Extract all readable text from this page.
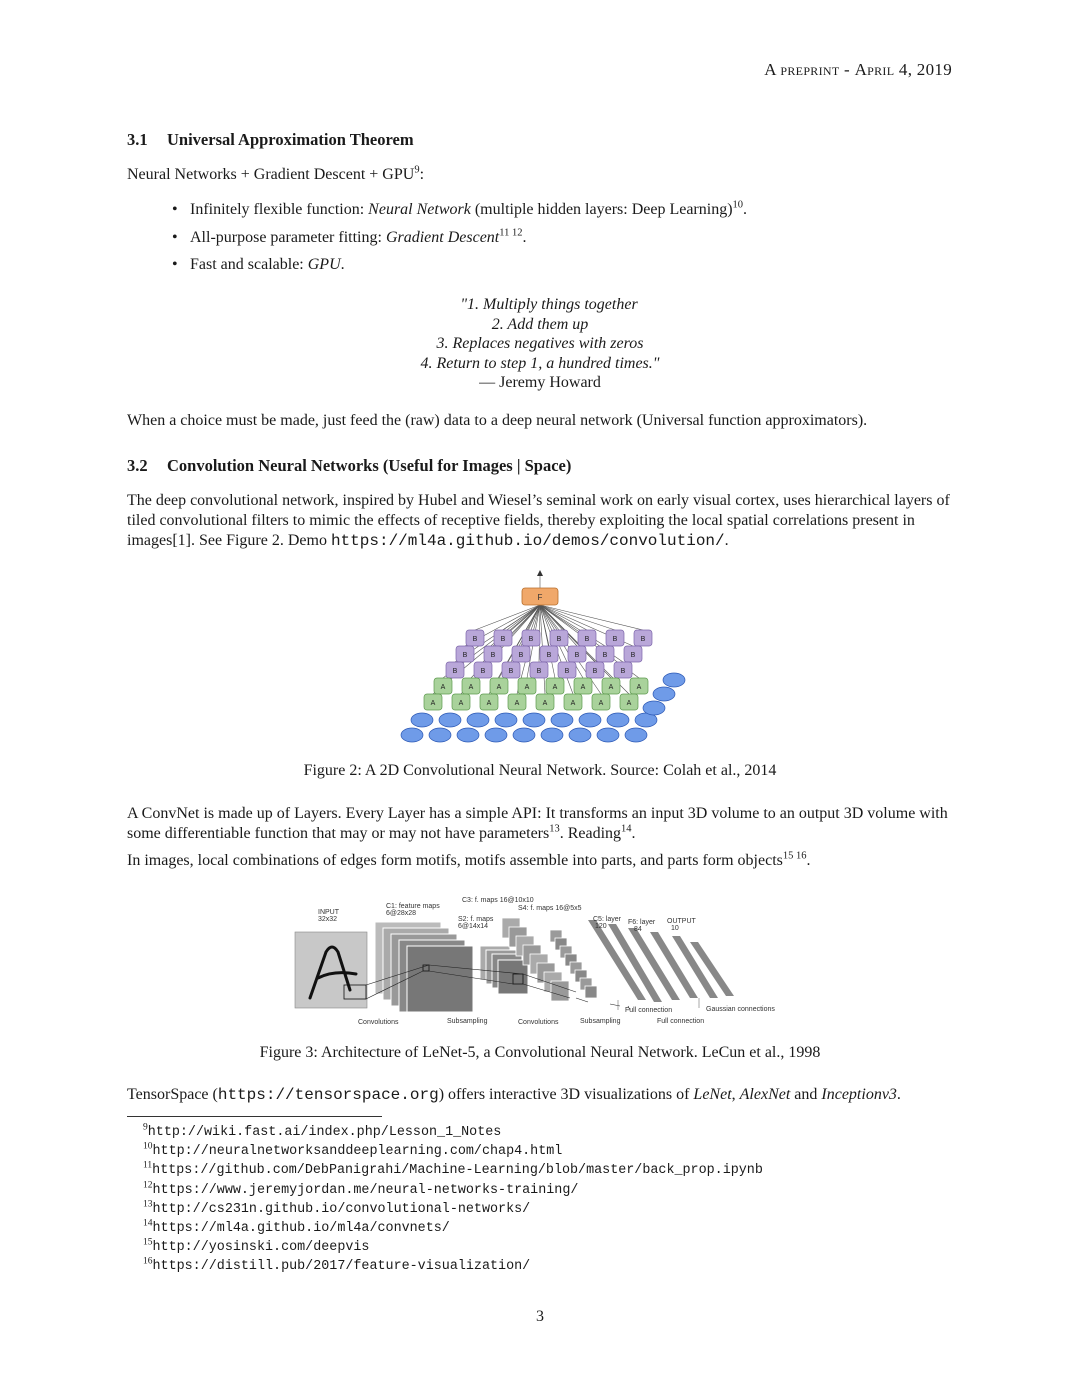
A preprint - April 4, 2019
3.1 Universal Approximation Theorem
Neural Networks + Gradient Descent + $GPU^9$:
• Infinitely flexible function: Neural Network (multiple hidden layers: Deep Learning)$^{10}$.
• All-purpose parameter fitting: Gradient Descent$^{11 12}$.
• Fast and scalable: GPU.
"1. Multiply things together
2. Add them up
3. Replaces negatives with zeros
4. Return to step 1, a hundred times."
— Jeremy Howard
When a choice must be made, just feed the (raw) data to a deep neural network (Universal function approximators).
3.2 Convolution Neural Networks (Useful for Images | Space)
The deep convolutional network, inspired by Hubel and Wiesel’s seminal work on early visual cortex, uses hierarchical layers of tiled convolutional filters to mimic the effects of receptive fields, thereby exploiting the local spatial correlations present in images[1]. See Figure 2. Demo https://ml4a.github.io/demos/convolution/.
F
B	B	B	B	B	B	B
B	B	B	B	B	B	B
B	B	B	B	B	B	B
A	A	A	A	A	A	A	A
A	A	A	A	A	A	A	A
Figure 2: A 2D Convolutional Neural Network. Source: Colah et al., 2014
A ConvNet is made up of Layers. Every Layer has a simple API: It transforms an input 3D volume to an output 3D volume with some differentiable function that may or may not have parameters$^{13}$. Reading$^{14}$.
In images, local combinations of edges form motifs, motifs assemble into parts, and parts form objects$^{15 16}$.
INPUT
32x32
C1: feature maps
6@28x28
C3: f. maps 16@10x10
S4: f. maps 16@5x5
S2: f. maps
6@14x14
C5: layer
120
F6: layer
84
OUTPUT
10
Convolutions	Subsampling	Convolutions	Subsampling
Full connection
Full connection
Gaussian connections
Figure 3: Architecture of LeNet-5, a Convolutional Neural Network. LeCun et al., 1998
TensorSpace (https://tensorspace.org) offers interactive 3D visualizations of LeNet, AlexNet and Inceptionv3.
$^9$http://wiki.fast.ai/index.php/Lesson_1_Notes
$^{10}$http://neuralnetworksanddeeplearning.com/chap4.html
$^{11}$https://github.com/DebPanigrahi/Machine-Learning/blob/master/back_prop.ipynb
$^{12}$https://www.jeremyjordan.me/neural-networks-training/
$^{13}$http://cs231n.github.io/convolutional-networks/
$^{14}$https://ml4a.github.io/ml4a/convnets/
$^{15}$http://yosinski.com/deepvis
$^{16}$https://distill.pub/2017/feature-visualization/
3
